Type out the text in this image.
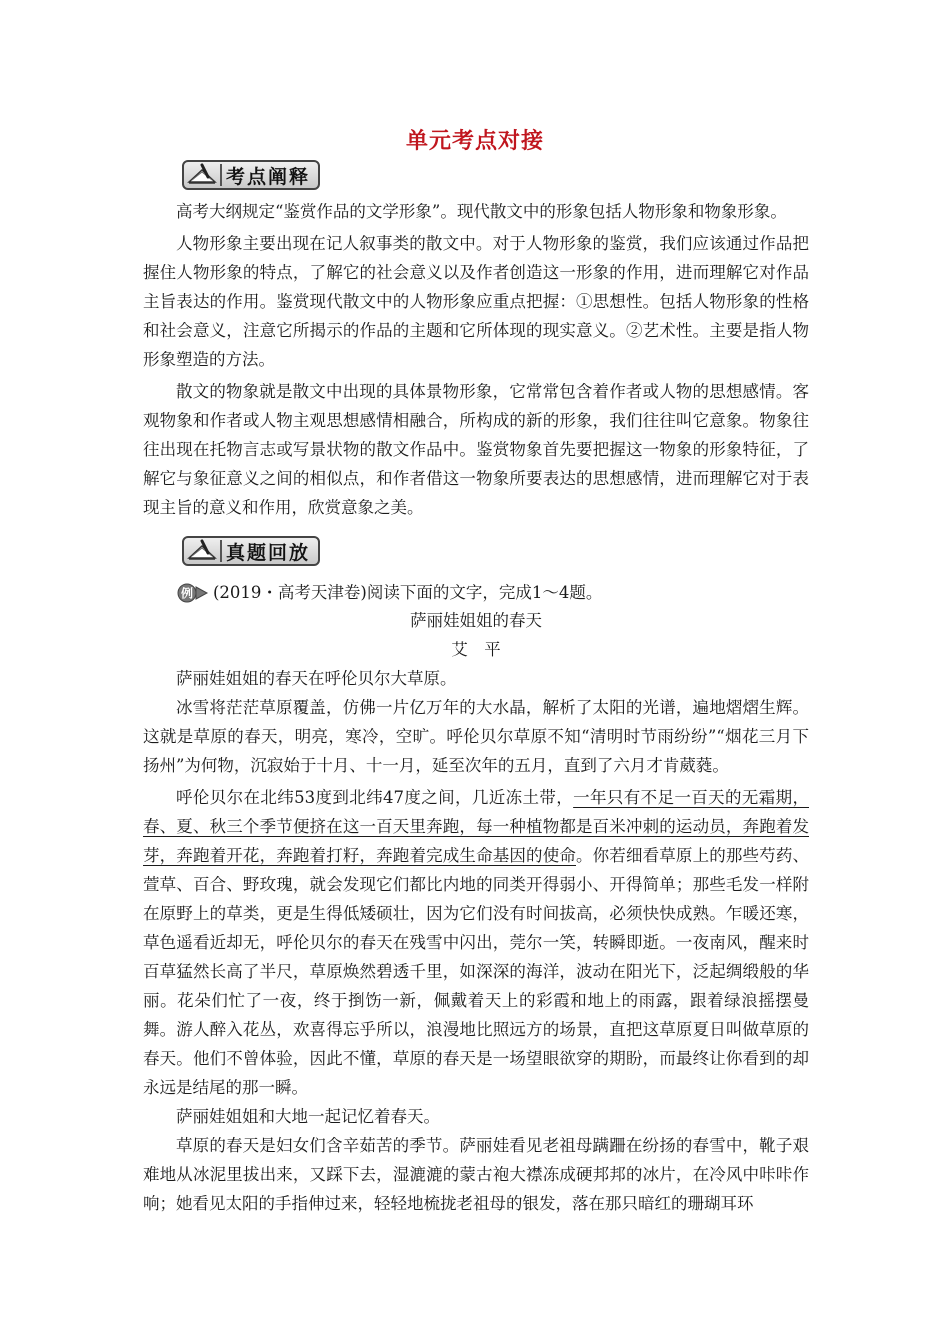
单元考点对接
考点阐释

高考大纲规定“鉴赏作品的文学形象”。现代散文中的形象包括人物形象和物象形象。

人物形象主要出现在记人叙事类的散文中。对于人物形象的鉴赏，我们应该通过作品把握住人物形象的特点，了解它的社会意义以及作者创造这一形象的作用，进而理解它对作品主旨表达的作用。鉴赏现代散文中的人物形象应重点把握：①思想性。包括人物形象的性格和社会意义，注意它所揭示的作品的主题和它所体现的现实意义。②艺术性。主要是指人物形象塑造的方法。

散文的物象就是散文中出现的具体景物形象，它常常包含着作者或人物的思想感情。客观物象和作者或人物主观思想感情相融合，所构成的新的形象，我们往往叫它意象。物象往往出现在托物言志或写景状物的散文作品中。鉴赏物象首先要把握这一物象的形象特征，了解它与象征意义之间的相似点，和作者借这一物象所要表达的思想感情，进而理解它对于表现主旨的意义和作用，欣赏意象之美。

真题回放
例 (2019・高考天津卷)阅读下面的文字，完成1～4题。

萨丽娃姐姐的春天

艾　平

萨丽娃姐姐的春天在呼伦贝尔大草原。

冰雪将茫茫草原覆盖，仿佛一片亿万年的大水晶，解析了太阳的光谱，遍地熠熠生辉。这就是草原的春天，明亮，寒冷，空旷。呼伦贝尔草原不知“清明时节雨纷纷”“烟花三月下扬州”为何物，沉寂始于十月、十一月，延至次年的五月，直到了六月才肯葳蕤。

呼伦贝尔在北纬53度到北纬47度之间，几近冻土带，一年只有不足一百天的无霜期，春、夏、秋三个季节便挤在这一百天里奔跑，每一种植物都是百米冲刺的运动员，奔跑着发芽，奔跑着开花，奔跑着打籽，奔跑着完成生命基因的使命。你若细看草原上的那些芍药、萱草、百合、野玫瑰，就会发现它们都比内地的同类开得弱小、开得简单；那些毛发一样附在原野上的草类，更是生得低矮硕壮，因为它们没有时间拔高，必须快快成熟。乍暖还寒，草色遥看近却无，呼伦贝尔的春天在残雪中闪出，莞尔一笑，转瞬即逝。一夜南风，醒来时百草猛然长高了半尺，草原焕然碧透千里，如深深的海洋，波动在阳光下，泛起绸缎般的华丽。花朵们忙了一夜，终于捯饬一新，佩戴着天上的彩霞和地上的雨露，跟着绿浪摇摆曼舞。游人醉入花丛，欢喜得忘乎所以，浪漫地比照远方的场景，直把这草原夏日叫做草原的春天。他们不曾体验，因此不懂，草原的春天是一场望眼欲穿的期盼，而最终让你看到的却永远是结尾的那一瞬。

萨丽娃姐姐和大地一起记忆着春天。

草原的春天是妇女们含辛茹苦的季节。萨丽娃看见老祖母蹒跚在纷扬的春雪中，靴子艰难地从冰泥里拔出来，又踩下去，湿漉漉的蒙古袍大襟冻成硬邦邦的冰片，在冷风中咔咔作响；她看见太阳的手指伸过来，轻轻地梳拢老祖母的银发，落在那只暗红的珊瑚耳环
